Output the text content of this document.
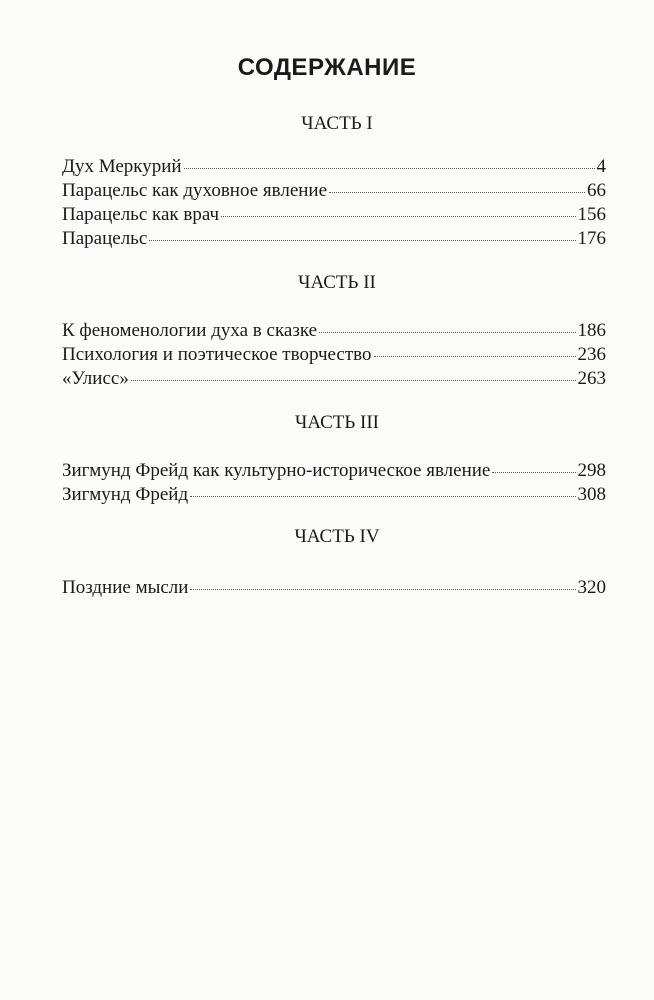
СОДЕРЖАНИЕ
ЧАСТЬ I
Дух Меркурий	4
Парацельс как духовное явление	66
Парацельс как врач	156
Парацельс	176
ЧАСТЬ II
К феноменологии духа в сказке	186
Психология и поэтическое творчество	236
«Улисс»	263
ЧАСТЬ III
Зигмунд Фрейд как культурно-историческое явление	298
Зигмунд Фрейд	308
ЧАСТЬ IV
Поздние мысли	320
